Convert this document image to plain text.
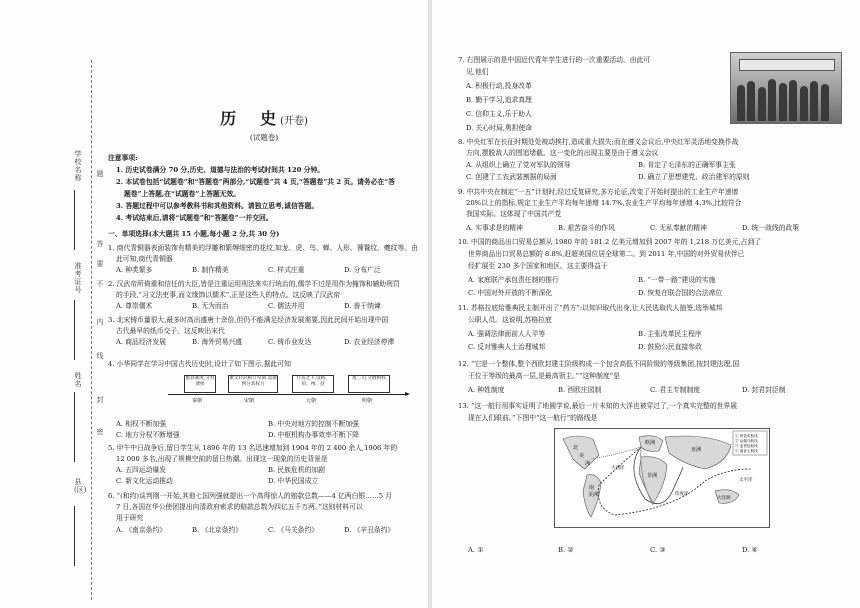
学校名称
准考证号
姓名
县(区)
题
答
要
不
内
线
封
密
历　史(开卷)
(试题卷)
注意事项:
1. 历史试卷满分 70 分,历史、道德与法治的考试时间共 120 分钟。
2. 本试卷包括“试题卷”和“答题卷”两部分,“试题卷”共 4 页,“答题卷”共 2 页。请务必在“答
题卷”上答题,在“试题卷”上答题无效。
3. 答题过程中可以参考教科书和其他资料。请独立思考,诚信答题。
4. 考试结束后,请将“试题卷”和“答题卷”一并交回。
一、单项选择(本大题共 15 小题,每小题 2 分,共 30 分)
1. 商代青铜器表面装饰有精美的浮雕和繁缛细密的花纹,如龙、虎、鸟、蝉、人形、饕餮纹、夔纹等。由
此可知,商代青铜器
A. 种类繁多	B. 制作精美	C. 样式庄重	D. 分布广泛
2. 汉武帝所倚重和信任的大臣,皆是注重运用刑法来实行统治的,儒学不过是用作为掩饰和辅助刑罚
的手段,“习文法吏事,而文缘饰以儒术”,正是这些人的特点。这反映了汉武帝
A. 尊崇儒术	B. 无为而治	C. 儒法并用	D. 善于纳谏
3. 北宋铸币量很大,最多时高出盛唐十余倍,但仍不能满足经济发展需要,因此民间开始出现中国
古代最早的纸币交子。这反映出宋代
A. 商品经济发展	B. 海外贸易兴盛	C. 铸币业发达	D. 农业经济停滞
4. 小华同学在学习中国古代历史时,设计了如下图示,据此可知
郡县制度,分封诸侯
重文轻武相互牵制,设通判分其权力
行省之下,设路、府、州、县
废三司,分散相权
秦朝	宋朝	元朝	明朝
A. 相权不断加强	B. 中央对地方的控制不断加强
C. 地方分权不断增强	D. 中枢机构办事效率不断下降
5. 甲午中日战争后,留日学生从 1896 年的 13 名迅速增加到 1904 年的 2 400 余人,1906 年的
12 000 多名,出现了规模空前的留日热潮。出现这一现象的历史背景是
A. 五四运动爆发	B. 民族危机的加剧
C. 新文化运动推动	D. 中华民国成立
6. “(和约)谈判刚一开始,其他七国列强就提出一个高得惊人的赔款总数——4 亿两白银……5 月
7 日,各国在华公使团提出向清政府索求的赔款总数为四亿五千万两。”这则材料可以
用于研究
A. 《南京条约》	B. 《北京条约》	C. 《马关条约》	D. 《辛丑条约》
7. 右图展示的是中国近代青年学生进行的一次重要活动。由此可
见,他们
A. 积极行动,投身改革
B. 勤于学习,追求真理
C. 信仰主义,乐于助人
D. 关心时局,勇担使命
8. 中央红军在长征时期处处被动挨打,造成重大损失;而在遵义会议后,中央红军灵活地变换作战
方向,摆脱敌人的围追堵截。这一变化的出现主要是由于遵义会议
A. 从组织上确立了党对军队的领导	B. 肯定了毛泽东的正确军事主张
C. 创建了工农武装割据的局面	D. 确立了思想建党、政治建军的原则
9. 中共中央在制定“一五”计划时,经过反复研究,多方论证,改变了开始时提出的工业生产年递增
20%以上的指标,规定工业生产平均每年递增 14.7%,农业生产平均每年递增 4.3%,比较符合
我国实际。这体现了中国共产党
A. 实事求是的精神	B. 艰苦奋斗的作风	C. 无私奉献的精神	D. 统一战线的政策
10. 中国的商品出口贸易总额从 1980 年的 181.2 亿美元增加到 2007 年的 1,218 万亿美元,占到了
世界商品出口贸易总额的 8.8%,赶超美国位居全球第二。到 2011 年,中国的对外贸易伙伴已
经扩展至 230 多个国家和地区。这主要得益于
A. 家庭联产承包责任制的推行	B. “一带一路”建设的实施
C. 中国对外开放的不断深化	D. 恢复在联合国的合法席位
11. 苏格拉底给雅典民主制开出了“药方”:以知识取代出身,让人民选取代人抽签,选举城邦
公职人员。这说明,苏格拉底
A. 强调法律面前人人平等	B. 主张改革民主程序
C. 反对雅典人士治理城邦	D. 鼓励公民直接参政
12. “它是一个整体,整个西欧封建主阶级构成一个包含高低不同阶级的等级集团,按封建法理,国
王位于等级的最高一层,是最高领主。”“这种制度”是
A. 种姓制度	B. 西欧庄园制	C. 君主专制制度	D. 封君封臣制
13. “这一航行用事实证明了地圆学说,最后一片未知的大洋也被穿过了,一个真实完整的世界展
现在人们眼前。”下图中“这一航行”的路线是
北
美
洲
南
美洲
非洲
欧洲
亚洲
大洋洲
太平洋
大西洋
印度洋
① 哥伦布航线
② 达伽马航线
③ 麦哲伦航线
④ 迪亚士航线
A. ①	B. ②	C. ③	D. ④
